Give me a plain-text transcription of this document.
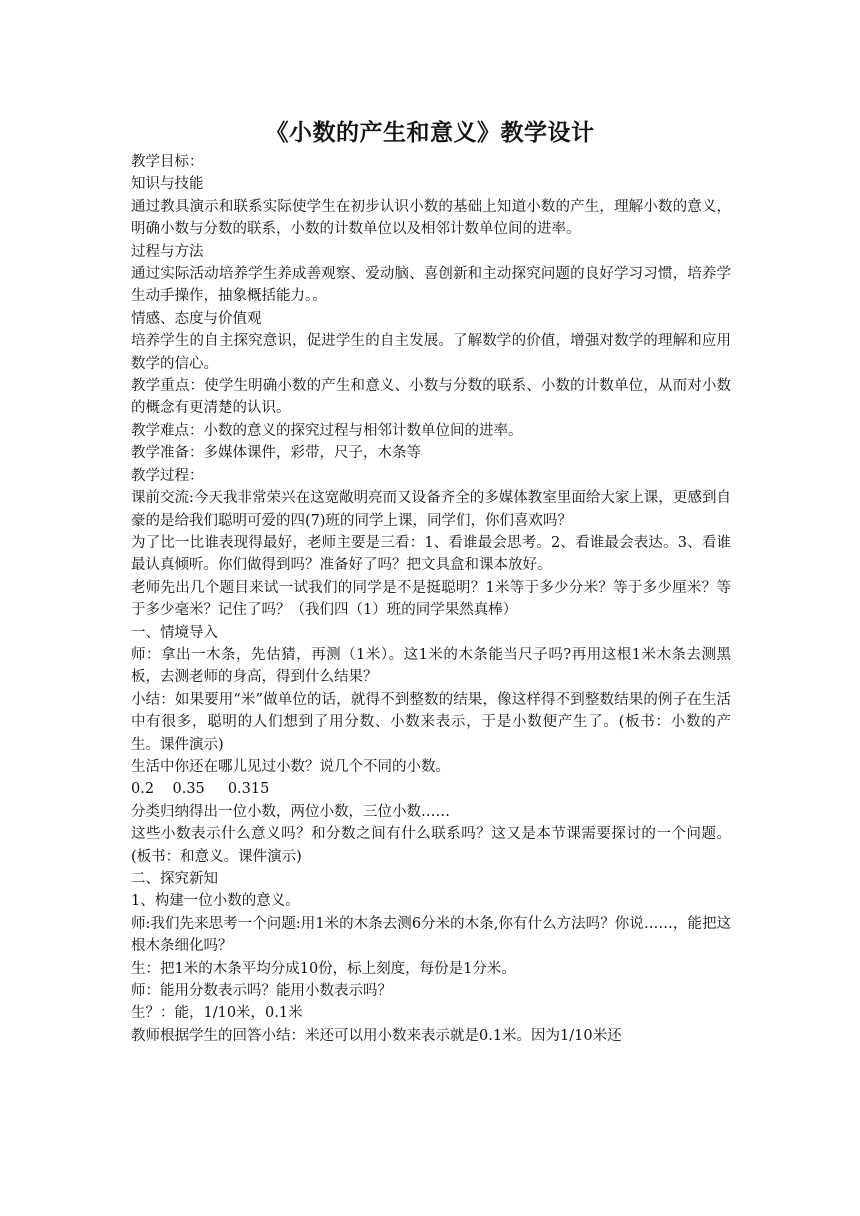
《小数的产生和意义》教学设计

教学目标：

知识与技能

通过教具演示和联系实际使学生在初步认识小数的基础上知道小数的产生，理解小数的意义，明确小数与分数的联系，小数的计数单位以及相邻计数单位间的进率。

过程与方法

通过实际活动培养学生养成善观察、爱动脑、喜创新和主动探究问题的良好学习习惯，培养学生动手操作，抽象概括能力。。

情感、态度与价值观

培养学生的自主探究意识，促进学生的自主发展。了解数学的价值，增强对数学的理解和应用数学的信心。

教学重点：使学生明确小数的产生和意义、小数与分数的联系、小数的计数单位，从而对小数的概念有更清楚的认识。

教学难点：小数的意义的探究过程与相邻计数单位间的进率。

教学准备：多媒体课件，彩带，尺子，木条等

教学过程：

课前交流:今天我非常荣兴在这宽敞明亮而又设备齐全的多媒体教室里面给大家上课，更感到自豪的是给我们聪明可爱的四(7)班的同学上课，同学们，你们喜欢吗？

为了比一比谁表现得最好，老师主要是三看：1、看谁最会思考。2、看谁最会表达。3、看谁最认真倾听。你们做得到吗？准备好了吗？把文具盒和课本放好。

老师先出几个题目来试一试我们的同学是不是挺聪明？1米等于多少分米？等于多少厘米？等于多少毫米？记住了吗？（我们四（1）班的同学果然真棒）

一、情境导入

师：拿出一木条，先估猜，再测（1米）。这1米的木条能当尺子吗?再用这根1米木条去测黑板，去测老师的身高，得到什么结果？

小结：如果要用“米”做单位的话，就得不到整数的结果，像这样得不到整数结果的例子在生活中有很多，聪明的人们想到了用分数、小数来表示，于是小数便产生了。(板书：小数的产生。课件演示)

生活中你还在哪儿见过小数？说几个不同的小数。

0.2    0.35     0.315

分类归纳得出一位小数，两位小数，三位小数……

这些小数表示什么意义吗？和分数之间有什么联系吗？这又是本节课需要探讨的一个问题。(板书：和意义。课件演示)

二、探究新知

1、构建一位小数的意义。

师:我们先来思考一个问题:用1米的木条去测6分米的木条,你有什么方法吗？你说……，能把这根木条细化吗？

生：把1米的木条平均分成10份，标上刻度，每份是1分米。

师：能用分数表示吗？能用小数表示吗？

生？：能，1/10米，0.1米

教师根据学生的回答小结：米还可以用小数来表示就是0.1米。因为1/10米还
